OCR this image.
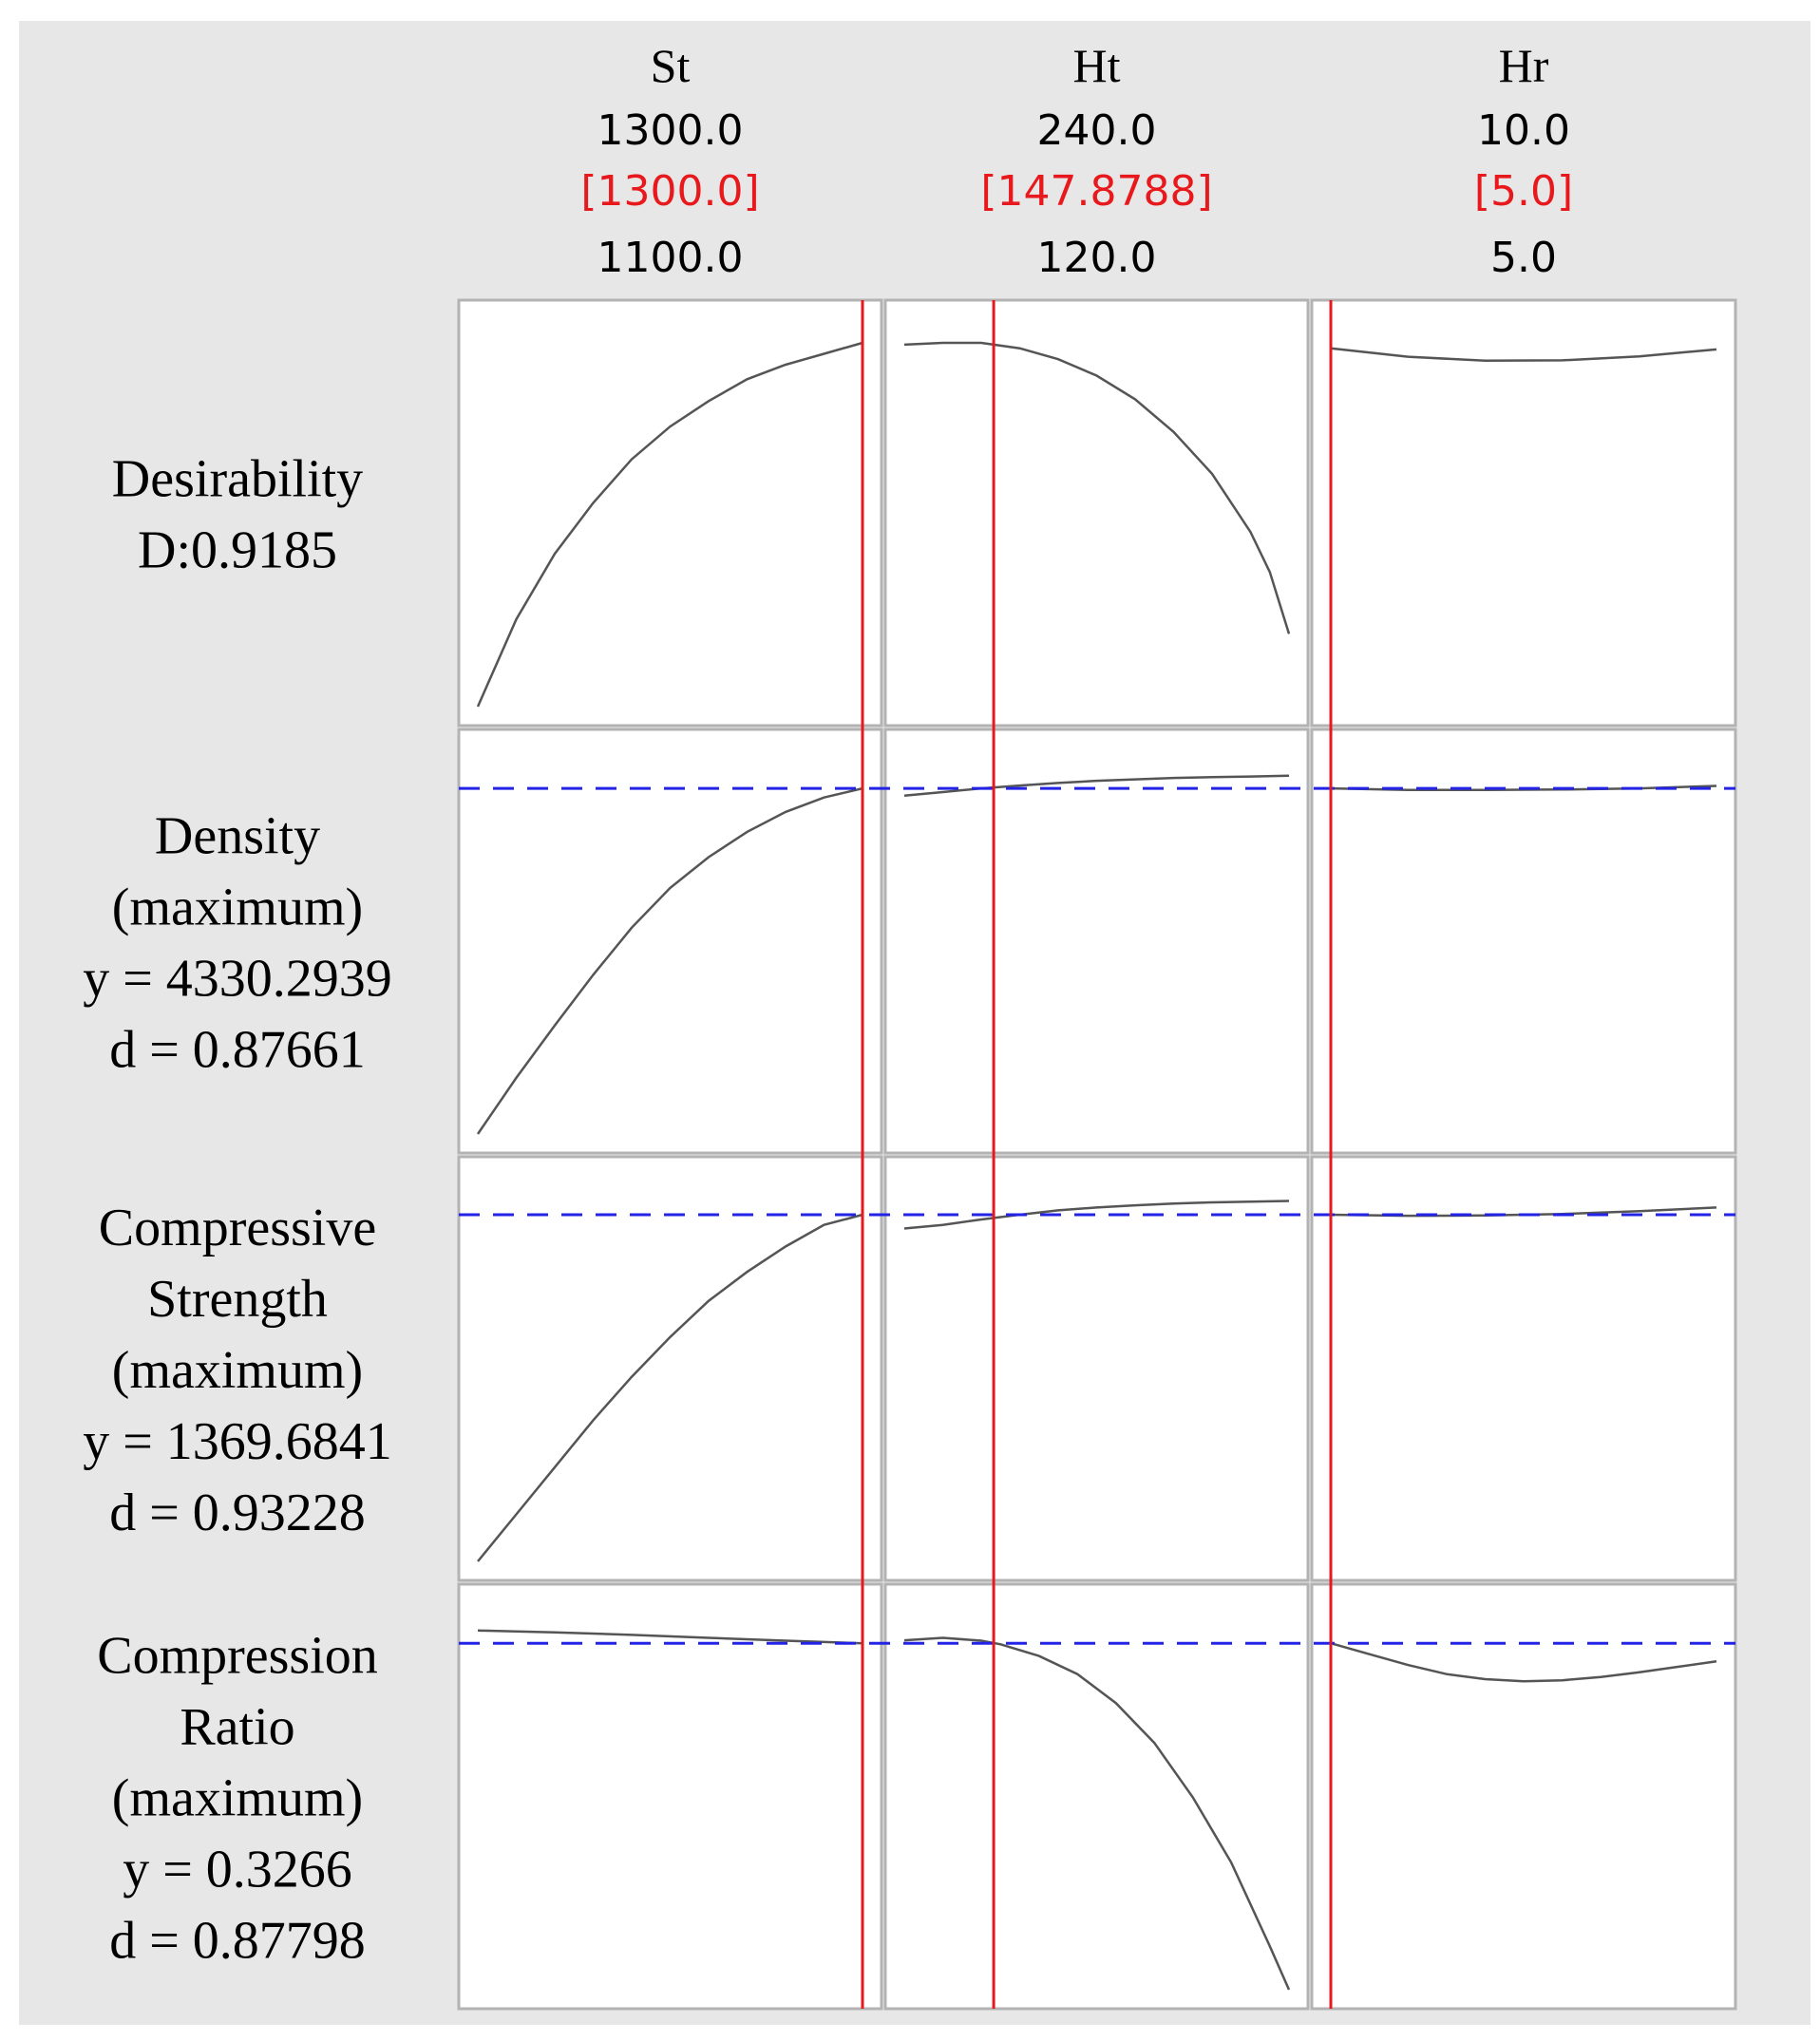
St
1300.0
[1300.0]
1100.0
Ht
240.0
[147.8788]
120.0
Hr
10.0
[5.0]
5.0
Desirability
D:0.9185
Density
(maximum)
y = 4330.2939
d = 0.87661
Compressive
Strength
(maximum)
y = 1369.6841
d = 0.93228
Compression
Ratio
(maximum)
y = 0.3266
d = 0.87798
